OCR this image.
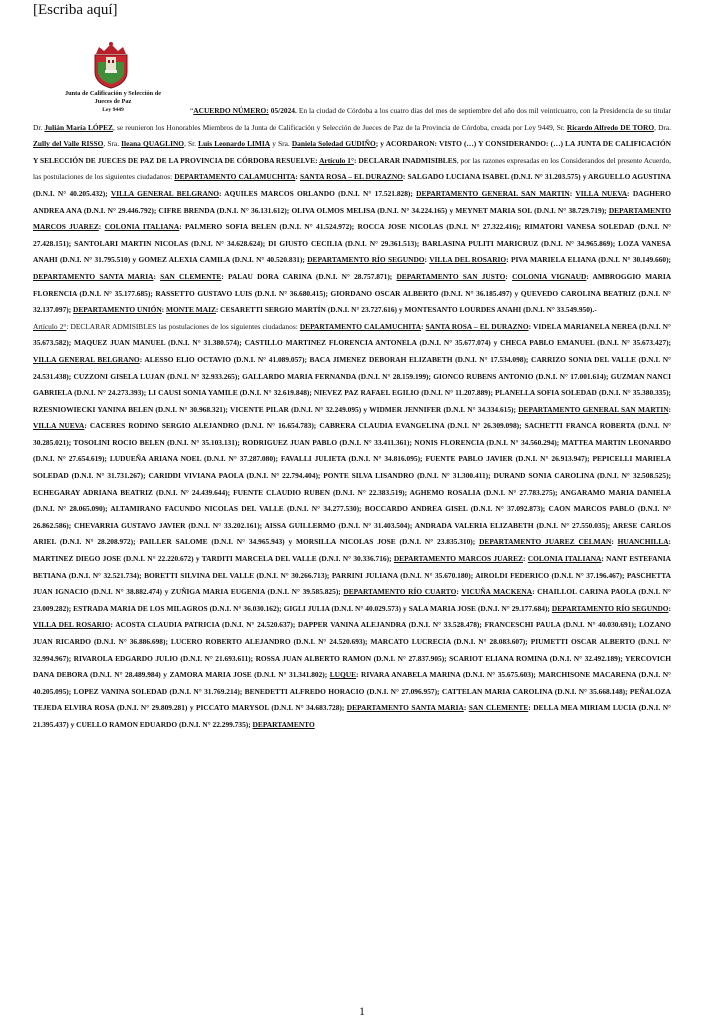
[Escriba aquí]
Junta de Calificación y Selección de
Jueces de Paz
Ley 9449	“ACUERDO NÚMERO: 05/2024. En la ciudad de Córdoba a los cuatro días del mes de septiembre del año dos mil veinticuatro, con la Presidencia de su titular Dr. Julián María LÓPEZ, se reunieron los Honorables Miembros de la Junta de Calificación y Selección de Jueces de Paz de la Provincia de Córdoba, creada por Ley 9449, Sr. Ricardo Alfredo DE TORO, Dra. Zully del Valle RISSO, Sra. Ileana QUAGLINO, Sr. Luis Leonardo LIMIA y Sra. Daniela Soledad GUDIÑO; y ACORDARON: VISTO (…) Y CONSIDERANDO: (…) LA JUNTA DE CALIFICACIÓN Y SELECCIÓN DE JUECES DE PAZ DE LA PROVINCIA DE CÓRDOBA RESUELVE: Artículo 1°: DECLARAR INADMISIBLES, por las razones expresadas en los Considerandos del presente Acuerdo, las postulaciones de los siguientes ciudadanos: DEPARTAMENTO CALAMUCHITA: SANTA ROSA – EL DURAZNO: SALGADO LUCIANA ISABEL (D.N.I. N° 31.203.575) y ARGUELLO AGUSTINA (D.N.I. N° 40.205.432); VILLA GENERAL BELGRANO: AQUILES MARCOS ORLANDO (D.N.I. N° 17.521.828); DEPARTAMENTO GENERAL SAN MARTIN: VILLA NUEVA: DAGHERO ANDREA ANA (D.N.I. N° 29.446.792); CIFRE BRENDA (D.N.I. N° 36.131.612); OLIVA OLMOS MELISA (D.N.I. N° 34.224.165) y MEYNET MARIA SOL (D.N.I. N° 38.729.719); DEPARTAMENTO MARCOS JUAREZ: COLONIA ITALIANA: PALMERO SOFIA BELEN (D.N.I. N° 41.524.972); ROCCA JOSE NICOLAS (D.N.I. N° 27.322.416); RIMATORI VANESA SOLEDAD (D.N.I. N° 27.428.151); SANTOLARI MARTIN NICOLAS (D.N.I. N° 34.628.624); DI GIUSTO CECILIA (D.N.I. N° 29.361.513); BARLASINA PULITI MARICRUZ (D.N.I. N° 34.965.869); LOZA VANESA ANAHI (D.N.I. N° 31.795.510) y GOMEZ ALEXIA CAMILA (D.N.I. N° 40.520.831); DEPARTAMENTO RÍO SEGUNDO: VILLA DEL ROSARIO: PIVA MARIELA ELIANA (D.N.I. N° 30.149.660); DEPARTAMENTO SANTA MARIA: SAN CLEMENTE: PALAU DORA CARINA (D.N.I. N° 28.757.871); DEPARTAMENTO SAN JUSTO: COLONIA VIGNAUD: AMBROGGIO MARIA FLORENCIA (D.N.I. N° 35.177.685); RASSETTO GUSTAVO LUIS (D.N.I. N° 36.680.415); GIORDANO OSCAR ALBERTO (D.N.I. N° 36.185.497) y QUEVEDO CAROLINA BEATRIZ (D.N.I. N° 32.137.097); DEPARTAMENTO UNIÓN: MONTE MAIZ: CESARETTI SERGIO MARTÍN (D.N.I. N° 23.727.616) y MONTESANTO LOURDES ANAHI (D.N.I. N° 33.549.950).-

Artículo 2°: DECLARAR ADMISIBLES las postulaciones de los siguientes ciudadanos: DEPARTAMENTO CALAMUCHITA: SANTA ROSA – EL DURAZNO: VIDELA MARIANELA NEREA (D.N.I. N° 35.673.582); MAQUEZ JUAN MANUEL (D.N.I. N° 31.380.574); CASTILLO MARTINEZ FLORENCIA ANTONELA (D.N.I. N° 35.677.074) y CHECA PABLO EMANUEL (D.N.I. N° 35.673.427); VILLA GENERAL BELGRANO: ALESSO ELIO OCTAVIO (D.N.I. N° 41.089.057); BACA JIMENEZ DEBORAH ELIZABETH (D.N.I. N° 17.534.098); CARRIZO SONIA DEL VALLE (D.N.I. N° 24.531.438); CUZZONI GISELA LUJAN (D.N.I. N° 32.933.265); GALLARDO MARIA FERNANDA (D.N.I. N° 28.159.199); GIONCO RUBENS ANTONIO (D.N.I. N° 17.001.614); GUZMAN NANCI GABRIELA (D.N.I. N° 24.273.393); LI CAUSI SONIA YAMILE (D.N.I. N° 32.619.848); NIEVEZ PAZ RAFAEL EGILIO (D.N.I. N° 11.207.889); PLANELLA SOFIA SOLEDAD (D.N.I. N° 35.380.335); RZESNIOWIECKI YANINA BELEN (D.N.I. N° 30.968.321); VICENTE PILAR (D.N.I. N° 32.249.095) y WIDMER JENNIFER (D.N.I. N° 34.334.615); DEPARTAMENTO GENERAL SAN MARTIN: VILLA NUEVA: CACERES RODINO SERGIO ALEJANDRO (D.N.I. N° 16.654.783); CABRERA CLAUDIA EVANGELINA (D.N.I. N° 26.309.098); SACHETTI FRANCA ROBERTA (D.N.I. N° 30.285.021); TOSOLINI ROCIO BELEN (D.N.I. N° 35.103.131); RODRIGUEZ JUAN PABLO (D.N.I. N° 33.411.361); NONIS FLORENCIA (D.N.I. N° 34.560.294); MATTEA MARTIN LEONARDO (D.N.I. N° 27.654.619); LUDUEÑA ARIANA NOEL (D.N.I. N° 37.287.080); FAVALLI JULIETA (D.N.I. N° 34.816.095); FUENTE PABLO JAVIER (D.N.I. N° 26.913.947); PEPICELLI MARIELA SOLEDAD (D.N.I. N° 31.731.267); CARIDDI VIVIANA PAOLA (D.N.I. N° 22.794.404); PONTE SILVA LISANDRO (D.N.I. N° 31.300.411); DURAND SONIA CAROLINA (D.N.I. N° 32.508.525); ECHEGARAY ADRIANA BEATRIZ (D.N.I. N° 24.439.644); FUENTE CLAUDIO RUBEN (D.N.I. N° 22.383.519); AGHEMO ROSALIA (D.N.I. N° 27.783.275); ANGARAMO MARIA DANIELA (D.N.I. N° 28.065.090); ALTAMIRANO FACUNDO NICOLAS DEL VALLE (D.N.I. N° 34.277.530); BOCCARDO ANDREA GISEL (D.N.I. N° 37.092.873); CAON MARCOS PABLO (D.N.I. N° 26.862.586); CHEVARRIA GUSTAVO JAVIER (D.N.I. N° 33.202.161); AISSA GUILLERMO (D.N.I. N° 31.403.504); ANDRADA VALERIA ELIZABETH (D.N.I. N° 27.550.035); ARESE CARLOS ARIEL (D.N.I. N° 28.208.972); PAILLER SALOME (D.N.I. N° 34.965.943) y MORSILLA NICOLAS JOSE (D.N.I. N° 23.835.310); DEPARTAMENTO JUAREZ CELMAN: HUANCHILLA: MARTINEZ DIEGO JOSE (D.N.I. N° 22.220.672) y TARDITI MARCELA DEL VALLE (D.N.I. N° 30.336.716); DEPARTAMENTO MARCOS JUAREZ: COLONIA ITALIANA: NANT ESTEFANIA BETIANA (D.N.I. N° 32.521.734); BORETTI SILVINA DEL VALLE (D.N.I. N° 30.266.713); PARRINI JULIANA (D.N.I. N° 35.670.180); AIROLDI FEDERICO (D.N.I. N° 37.196.467); PASCHETTA JUAN IGNACIO (D.N.I. N° 38.882.474) y ZUÑIGA MARIA EUGENIA (D.N.I. N° 39.585.825); DEPARTAMENTO RÍO CUARTO: VICUÑA MACKENA: CHAILLOL CARINA PAOLA (D.N.I. N° 23.009.282); ESTRADA MARIA DE LOS MILAGROS (D.N.I. N° 36.030.162); GIGLI JULIA (D.N.I. N° 40.029.573) y SALA MARIA JOSE (D.N.I. N° 29.177.684); DEPARTAMENTO RÍO SEGUNDO: VILLA DEL ROSARIO: ACOSTA CLAUDIA PATRICIA (D.N.I. N° 24.520.637); DAPPER VANINA ALEJANDRA (D.N.I. N° 33.528.478); FRANCESCHI PAULA (D.N.I. N° 40.030.691); LOZANO JUAN RICARDO (D.N.I. N° 36.886.698); LUCERO ROBERTO ALEJANDRO (D.N.I. N° 24.520.693); MARCATO LUCRECIA (D.N.I. N° 28.083.607); PIUMETTI OSCAR ALBERTO (D.N.I. N° 32.994.967); RIVAROLA EDGARDO JULIO (D.N.I. N° 21.693.611); ROSSA JUAN ALBERTO RAMON (D.N.I. N° 27.837.905); SCARIOT ELIANA ROMINA (D.N.I. N° 32.492.189); YERCOVICH DANA DEBORA (D.N.I. N° 28.489.984) y ZAMORA MARIA JOSE (D.N.I. N° 31.341.802); LUQUE: RIVARA ANABELA MARINA (D.N.I. N° 35.675.603); MARCHISONE MACARENA (D.N.I. N° 40.205.095); LOPEZ VANINA SOLEDAD (D.N.I. N° 31.769.214); BENEDETTI ALFREDO HORACIO (D.N.I. N° 27.096.957); CATTELAN MARIA CAROLINA (D.N.I. N° 35.668.148); PEÑALOZA TEJEDA ELVIRA ROSA (D.N.I. N° 29.809.281) y PICCATO MARYSOL (D.N.I. N° 34.683.728); DEPARTAMENTO SANTA MARIA: SAN CLEMENTE: DELLA MEA MIRIAM LUCIA (D.N.I. N° 21.395.437) y CUELLO RAMON EDUARDO (D.N.I. N° 22.299.735); DEPARTAMENTO

1
